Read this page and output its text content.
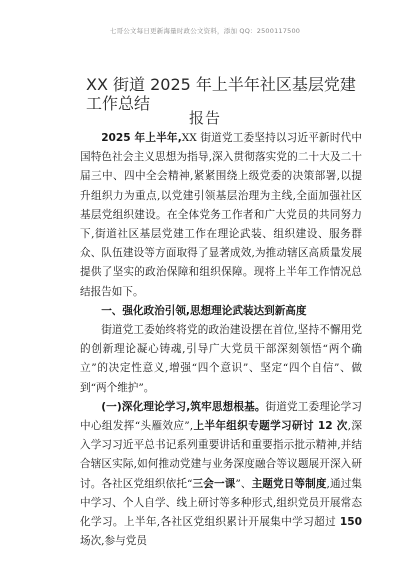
七哥公文每日更新海量时政公文资料，添加 QQ：2500117500
XX 街道 2025 年上半年社区基层党建工作总结
报告

2025 年上半年,XX 街道党工委坚持以习近平新时代中国特色社会主义思想为指导,深入贯彻落实党的二十大及二十届三中、四中全会精神,紧紧围绕上级党委的决策部署,以提升组织力为重点,以党建引领基层治理为主线,全面加强社区基层党组织建设。在全体党务工作者和广大党员的共同努力下,街道社区基层党建工作在理论武装、组织建设、服务群众、队伍建设等方面取得了显著成效,为推动辖区高质量发展提供了坚实的政治保障和组织保障。现将上半年工作情况总结报告如下。

一、强化政治引领,思想理论武装达到新高度

街道党工委始终将党的政治建设摆在首位,坚持不懈用党的创新理论凝心铸魂,引导广大党员干部深刻领悟“两个确立”的决定性意义,增强“四个意识”、坚定“四个自信”、做到“两个维护”。

(一)深化理论学习,筑牢思想根基。街道党工委理论学习中心组发挥“头雁效应”,上半年组织专题学习研讨 12 次,深入学习习近平总书记系列重要讲话和重要指示批示精神,并结合辖区实际,如何推动党建与业务深度融合等议题展开深入研讨。各社区党组织依托“三会一课”、主题党日等制度,通过集中学习、个人自学、线上研讨等多种形式,组织党员开展常态化学习。上半年,各社区党组织累计开展集中学习超过 150 场次,参与党员
